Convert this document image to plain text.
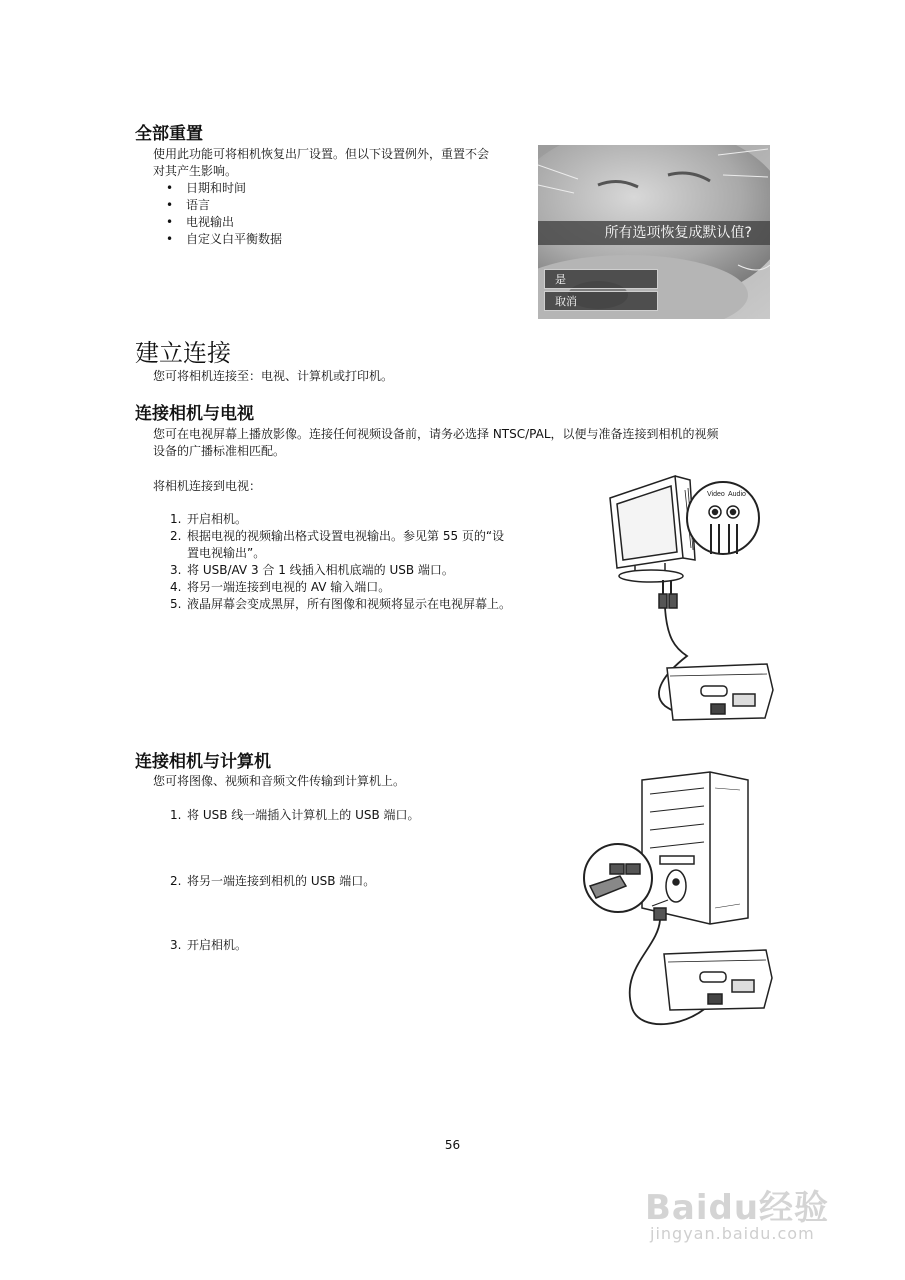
全部重置
使用此功能可将相机恢复出厂设置。但以下设置例外，重置不会
对其产生影响。
• 日期和时间
• 语言
• 电视输出
• 自定义白平衡数据	所有选项恢复成默认值?
是
取消
建立连接
您可将相机连接至：电视、计算机或打印机。
连接相机与电视
您可在电视屏幕上播放影像。连接任何视频设备前，请务必选择 NTSC/PAL，以便与准备连接到相机的视频
设备的广播标准相匹配。
将相机连接到电视：
1. 开启相机。
2. 根据电视的视频输出格式设置电视输出。参见第 55 页的“设
置电视输出”。
3. 将 USB/AV 3 合 1 线插入相机底端的 USB 端口。
4. 将另一端连接到电视的 AV 输入端口。
5. 液晶屏幕会变成黑屏，所有图像和视频将显示在电视屏幕上。
Video Audio
连接相机与计算机
您可将图像、视频和音频文件传输到计算机上。
1. 将 USB 线一端插入计算机上的 USB 端口。
2. 将另一端连接到相机的 USB 端口。
3. 开启相机。
56
Baidu经验
jingyan.baidu.com
